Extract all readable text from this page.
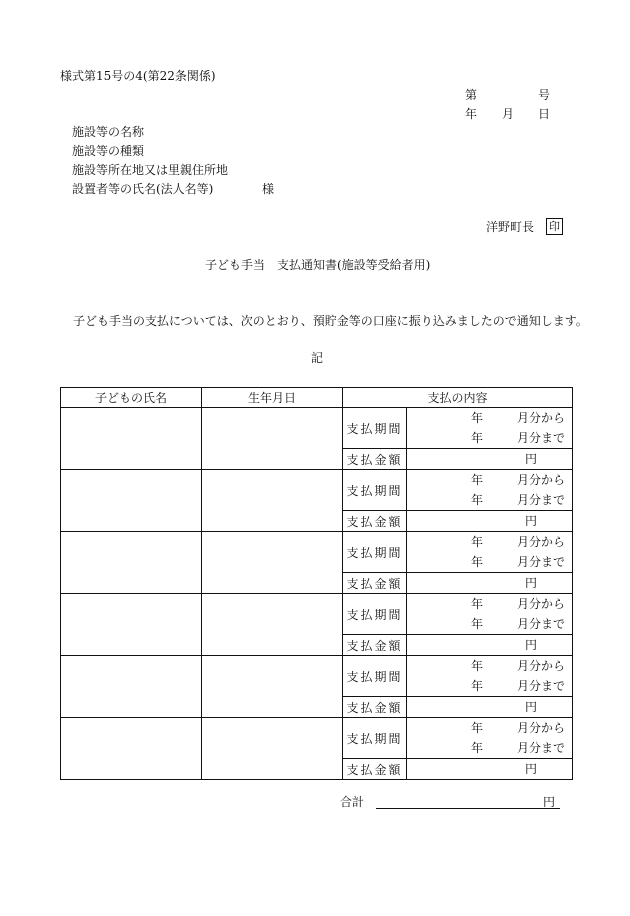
様式第15号の4(第22条関係)
第	号
年 月 日
施設等の名称
施設等の種類
施設等所在地又は里親住所地
設置者等の氏名(法人名等)	様
洋野町長 印
子ども手当　支払通知書(施設等受給者用)
子ども手当の支払については、次のとおり、預貯金等の口座に振り込みましたので通知します。
記
子どもの氏名	生年月日	支払の内容	
		支払期間	年 月分から
年 月分まで

		支払金額	円

		支払期間	年 月分から
年 月分まで

		支払金額	円

		支払期間	年 月分から
年 月分まで

		支払金額	円

		支払期間	年 月分から
年 月分まで

		支払金額	円

		支払期間	年 月分から
年 月分まで

		支払金額	円

		支払期間	年 月分から
年 月分まで

		支払金額	円
合計	円
